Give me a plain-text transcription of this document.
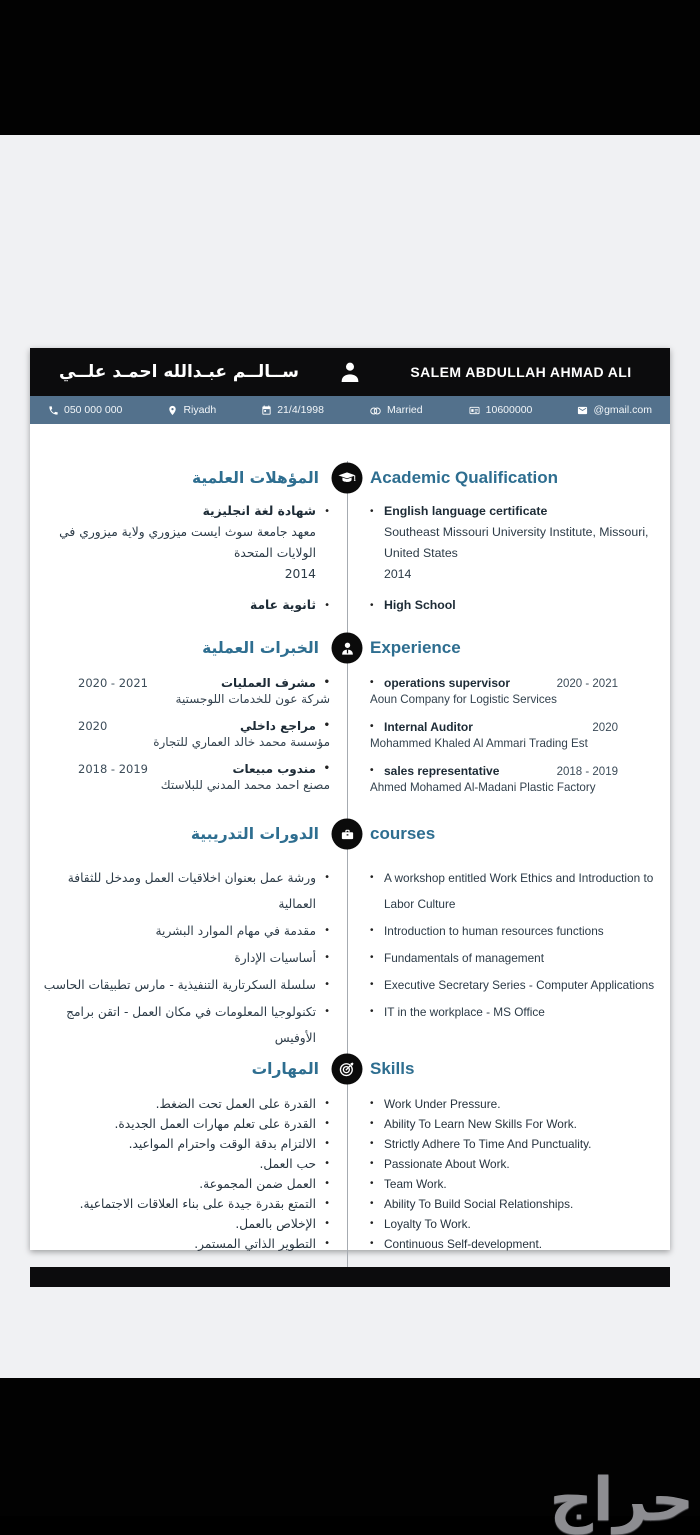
ســالــم عبـدالله احمـد علــي	SALEM ABDULLAH AHMAD ALI
050 000 000	Riyadh	21/4/1998	Married	10600000	@gmail.com
المؤهلات العلمية	Academic Qualification
• شهادة لغة انجليزية
معهد جامعة سوث ايست ميزوري ولاية ميزوري في الولايات المتحدة
2014
• ثانوية عامة
• English language certificate
Southeast Missouri University Institute, Missouri, United States
2014
• High School
الخبرات العملية	Experience
• مشرف العمليات
2020 - 2021
شركة عون للخدمات اللوجستية
• مراجع داخلي
2020
مؤسسة محمد خالد العماري للتجارة
• مندوب مبيعات
2018 - 2019
مصنع احمد محمد المدني للبلاستك
• operations supervisor	2020 - 2021
Aoun Company for Logistic Services
• Internal Auditor	2020
Mohammed Khaled Al Ammari Trading Est
• sales representative	2018 - 2019
Ahmed Mohamed Al-Madani Plastic Factory
الدورات التدريبية	courses
• ورشة عمل بعنوان اخلاقيات العمل ومدخل للثقافة العمالية
• مقدمة في مهام الموارد البشرية
• أساسيات الإدارة
• سلسلة السكرتارية التنفيذية - مارس تطبيقات الحاسب
• تكنولوجيا المعلومات في مكان العمل - اتقن برامج الأوفيس
• A workshop entitled Work Ethics and Introduction to Labor Culture
• Introduction to human resources functions
• Fundamentals of management
• Executive Secretary Series - Computer Applications
• IT in the workplace - MS Office
المهارات	Skills
• القدرة على العمل تحت الضغط.
• القدرة على تعلم مهارات العمل الجديدة.
• الالتزام بدقة الوقت واحترام المواعيد.
• حب العمل.
• العمل ضمن المجموعة.
• التمتع بقدرة جيدة على بناء العلاقات الاجتماعية.
• الإخلاص بالعمل.
• التطوير الذاتي المستمر.
• Work Under Pressure.
• Ability To Learn New Skills For Work.
• Strictly Adhere To Time And Punctuality.
• Passionate About Work.
• Team Work.
• Ability To Build Social Relationships.
• Loyalty To Work.
• Continuous Self-development.
حراج
